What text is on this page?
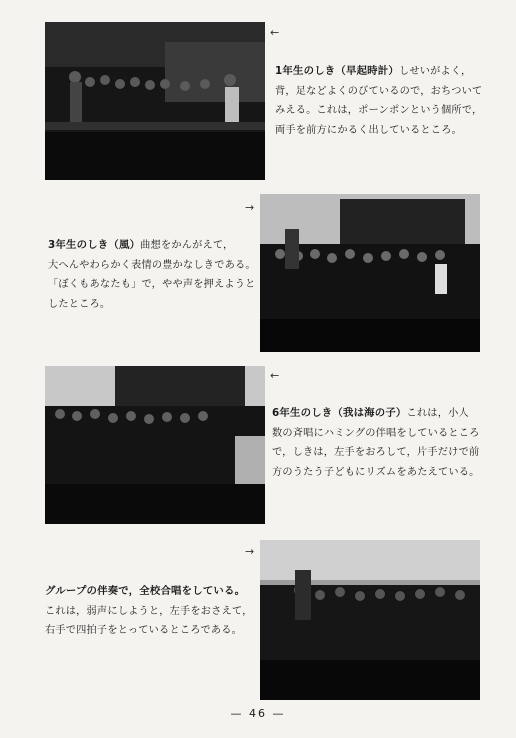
←
1年生のしき（早起時計）しせいがよく，
背，足などよくのびているので，おちついて
みえる。これは，ポーンポンという個所で，
両手を前方にかるく出しているところ。
→
3年生のしき（風）曲想をかんがえて，
大へんやわらかく表情の豊かなしきである。
「ぼくもあなたも」で，やや声を押えようと
したところ。
←
6年生のしき（我は海の子）これは，小人
数の斉唱にハミングの伴唱をしているところ
で，しきは，左手をおろして，片手だけで前
方のうたう子どもにリズムをあたえている。
→
グループの伴奏で，全校合唱をしている。
これは，弱声にしようと，左手をおさえて，
右手で四拍子をとっているところである。
— 46 —
